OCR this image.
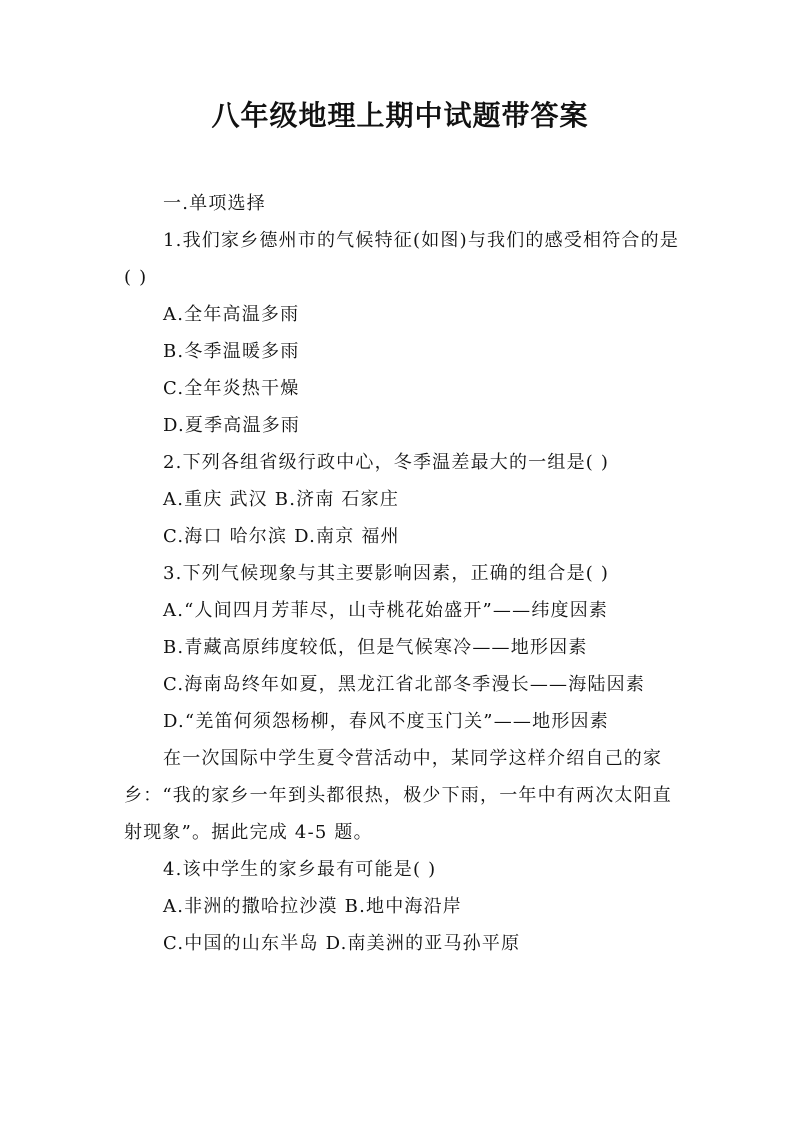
八年级地理上期中试题带答案

一.单项选择

1.我们家乡德州市的气候特征(如图)与我们的感受相符合的是( )

A.全年高温多雨

B.冬季温暖多雨

C.全年炎热干燥

D.夏季高温多雨

2.下列各组省级行政中心，冬季温差最大的一组是( )

A.重庆 武汉 B.济南 石家庄

C.海口 哈尔滨 D.南京 福州

3.下列气候现象与其主要影响因素，正确的组合是( )

A.“人间四月芳菲尽，山寺桃花始盛开”——纬度因素

B.青藏高原纬度较低，但是气候寒冷——地形因素

C.海南岛终年如夏，黑龙江省北部冬季漫长——海陆因素

D.“羌笛何须怨杨柳，春风不度玉门关”——地形因素

在一次国际中学生夏令营活动中，某同学这样介绍自己的家乡：“我的家乡一年到头都很热，极少下雨，一年中有两次太阳直射现象”。据此完成 4-5 题。

4.该中学生的家乡最有可能是( )

A.非洲的撒哈拉沙漠 B.地中海沿岸

C.中国的山东半岛 D.南美洲的亚马孙平原
